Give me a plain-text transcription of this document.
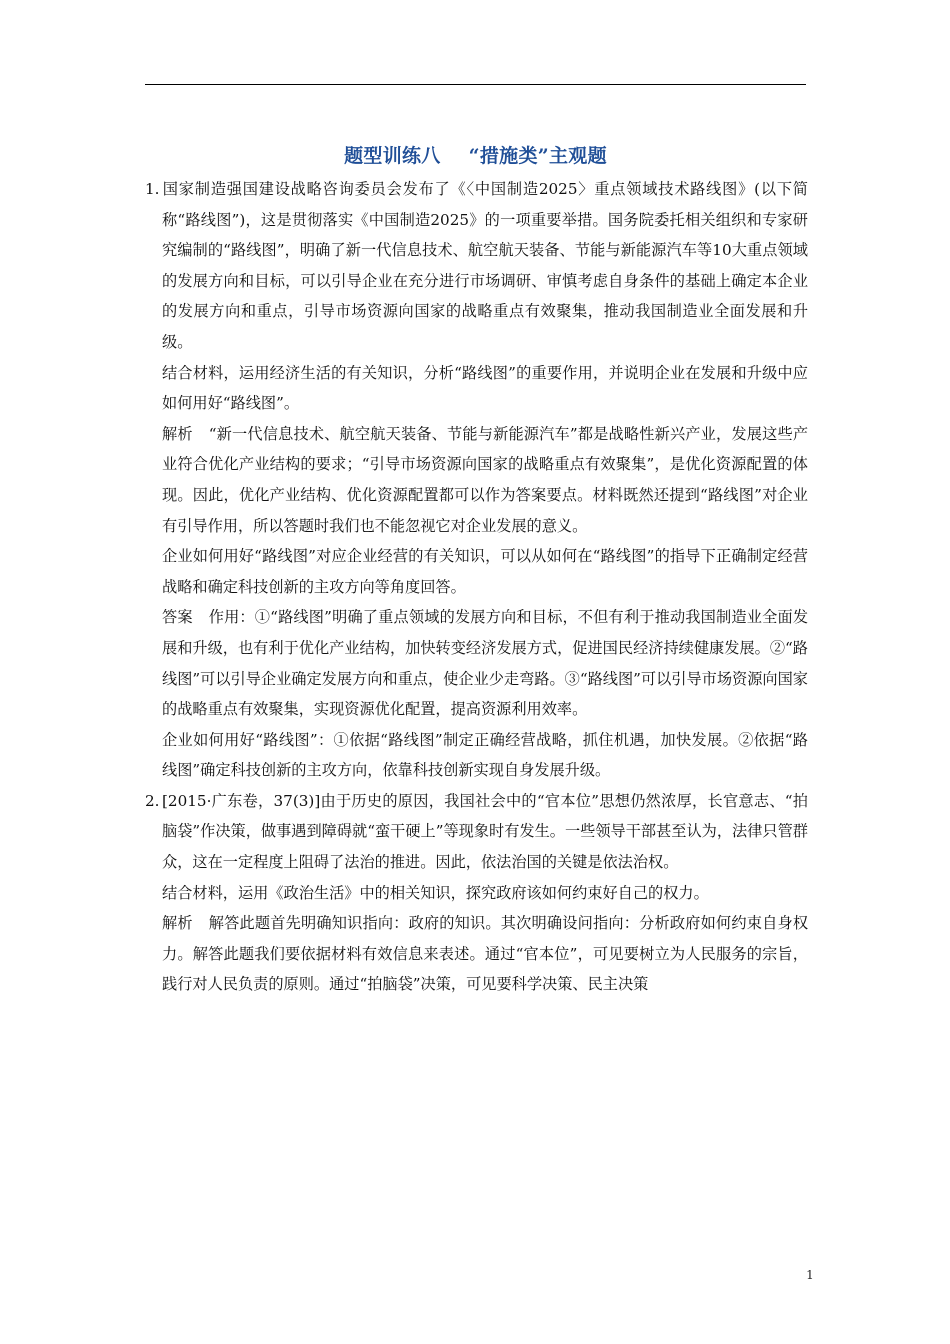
题型训练八 “措施类”主观题

1. 国家制造强国建设战略咨询委员会发布了《〈中国制造2025〉重点领域技术路线图》(以下简称“路线图”)，这是贯彻落实《中国制造2025》的一项重要举措。国务院委托相关组织和专家研究编制的“路线图”，明确了新一代信息技术、航空航天装备、节能与新能源汽车等10大重点领域的发展方向和目标，可以引导企业在充分进行市场调研、审慎考虑自身条件的基础上确定本企业的发展方向和重点，引导市场资源向国家的战略重点有效聚集，推动我国制造业全面发展和升级。

结合材料，运用经济生活的有关知识，分析“路线图”的重要作用，并说明企业在发展和升级中应如何用好“路线图”。

解析 “新一代信息技术、航空航天装备、节能与新能源汽车”都是战略性新兴产业，发展这些产业符合优化产业结构的要求；“引导市场资源向国家的战略重点有效聚集”，是优化资源配置的体现。因此，优化产业结构、优化资源配置都可以作为答案要点。材料既然还提到“路线图”对企业有引导作用，所以答题时我们也不能忽视它对企业发展的意义。

企业如何用好“路线图”对应企业经营的有关知识，可以从如何在“路线图”的指导下正确制定经营战略和确定科技创新的主攻方向等角度回答。

答案 作用：①“路线图”明确了重点领域的发展方向和目标，不但有利于推动我国制造业全面发展和升级，也有利于优化产业结构，加快转变经济发展方式，促进国民经济持续健康发展。②“路线图”可以引导企业确定发展方向和重点，使企业少走弯路。③“路线图”可以引导市场资源向国家的战略重点有效聚集，实现资源优化配置，提高资源利用效率。

企业如何用好“路线图”：①依据“路线图”制定正确经营战略，抓住机遇，加快发展。②依据“路线图”确定科技创新的主攻方向，依靠科技创新实现自身发展升级。

2. [2015·广东卷，37(3)]由于历史的原因，我国社会中的“官本位”思想仍然浓厚，长官意志、“拍脑袋”作决策，做事遇到障碍就“蛮干硬上”等现象时有发生。一些领导干部甚至认为，法律只管群众，这在一定程度上阻碍了法治的推进。因此，依法治国的关键是依法治权。

结合材料，运用《政治生活》中的相关知识，探究政府该如何约束好自己的权力。

解析 解答此题首先明确知识指向：政府的知识。其次明确设问指向：分析政府如何约束自身权力。解答此题我们要依据材料有效信息来表述。通过“官本位”，可见要树立为人民服务的宗旨，践行对人民负责的原则。通过“拍脑袋”决策，可见要科学决策、民主决策

1
